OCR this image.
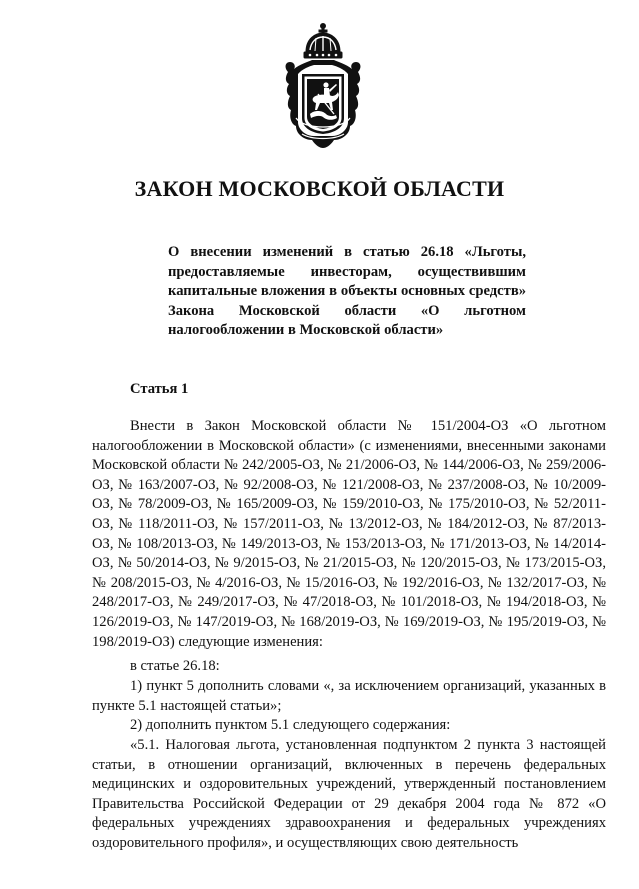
ЗАКОН МОСКОВСКОЙ ОБЛАСТИ
О внесении изменений в статью 26.18 «Льготы, предоставляемые инвесторам, осуществившим капитальные вложения в объекты основных средств» Закона Московской области «О льготном налогообложении в Московской области»
Статья 1

Внести в Закон Московской области № 151/2004-ОЗ «О льготном налогообложении в Московской области» (с изменениями, внесенными законами Московской области № 242/2005-ОЗ, № 21/2006-ОЗ, № 144/2006-ОЗ, № 259/2006-ОЗ, № 163/2007-ОЗ, № 92/2008-ОЗ, № 121/2008-ОЗ, № 237/2008-ОЗ, № 10/2009-ОЗ, № 78/2009-ОЗ, № 165/2009-ОЗ, № 159/2010-ОЗ, № 175/2010-ОЗ, № 52/2011-ОЗ, № 118/2011-ОЗ, № 157/2011-ОЗ, № 13/2012-ОЗ, № 184/2012-ОЗ, № 87/2013-ОЗ, № 108/2013-ОЗ, № 149/2013-ОЗ, № 153/2013-ОЗ, № 171/2013-ОЗ, № 14/2014-ОЗ, № 50/2014-ОЗ, № 9/2015-ОЗ, № 21/2015-ОЗ, № 120/2015-ОЗ, № 173/2015-ОЗ, № 208/2015-ОЗ, № 4/2016-ОЗ, № 15/2016-ОЗ, № 192/2016-ОЗ, № 132/2017-ОЗ, № 248/2017-ОЗ, № 249/2017-ОЗ, № 47/2018-ОЗ, № 101/2018-ОЗ, № 194/2018-ОЗ, № 126/2019-ОЗ, № 147/2019-ОЗ, № 168/2019-ОЗ, № 169/2019-ОЗ, № 195/2019-ОЗ, № 198/2019-ОЗ) следующие изменения:

в статье 26.18:

1) пункт 5 дополнить словами «, за исключением организаций, указанных в пункте 5.1 настоящей статьи»;

2) дополнить пунктом 5.1 следующего содержания:

«5.1. Налоговая льгота, установленная подпунктом 2 пункта 3 настоящей статьи, в отношении организаций, включенных в перечень федеральных медицинских и оздоровительных учреждений, утвержденный постановлением Правительства Российской Федерации от 29 декабря 2004 года № 872 «О федеральных учреждениях здравоохранения и федеральных учреждениях оздоровительного профиля», и осуществляющих свою деятельность
